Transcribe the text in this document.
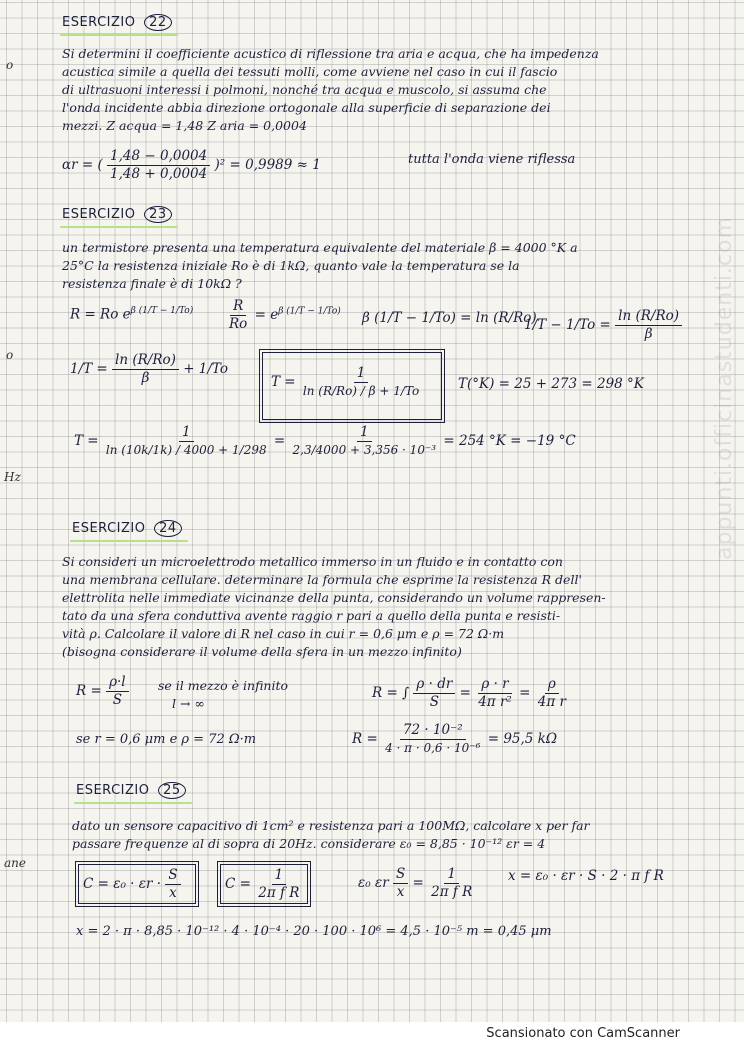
o
o
Hz
ane
ESERCIZIO 22
Si determini il coefficiente acustico di riflessione tra aria e acqua, che ha impedenza
acustica simile a quella dei tessuti molli, come avviene nel caso in cui il fascio
di ultrasuoni interessi i polmoni, nonché tra acqua e muscolo, si assuma che
l'onda incidente abbia direzione ortogonale alla superficie di separazione dei
mezzi. Z acqua = 1,48 Z aria = 0,0004
αr = ( $\frac{1,48 - 0,0004}{1,48 + 0,0004} )^2 = 0,9989 \approx 1$	tutta l'onda viene riflessa
ESERCIZIO 23
un termistore presenta una temperatura equivalente del materiale β = 4000 °K a
25°C la resistenza iniziale Ro è di 1kΩ, quanto vale la temperatura se la
resistenza finale è di 10kΩ ?
R = Ro $e^{\beta (1/T - 1/To)} \frac{R}{Ro} = e^{\beta (1/T - 1/To)}$ β (1/T − 1/To) = ln (R/Ro)
$1/T - 1/To = \frac{\ln (R/Ro)}{\beta}$
$1/T = \frac{\ln (R/Ro)}{\beta} + 1/To$
$T = \frac{1}{\ln (R/Ro) / \beta + 1/To}$	T(°K) = 25 + 273 = 298 °K
$T = \frac{1}{\ln (10k/1k) / 4000 + 1/298} = \frac{1}{\text{2,3/4000 + 3,356 · 10⁻³}} = 254$ °K = −19 °C
ESERCIZIO 24
Si consideri un microelettrodo metallico immerso in un fluido e in contatto con
una membrana cellulare. determinare la formula che esprime la resistenza R dell'
elettrolita nelle immediate vicinanze della punta, considerando un volume rappresen-
tato da una sfera conduttiva avente raggio r pari a quello della punta e resisti-
vità ρ. Calcolare il valore di R nel caso in cui r = 0,6 μm e ρ = 72 Ω·m
(bisogna considerare il volume della sfera in un mezzo infinito)
$R = \frac{\rho\cdot l}{S}$ se il mezzo è infinito
l → ∞
R = ∫ $\frac{\rho \cdot dr}{S} = \frac{\rho \cdot r}{\text{4π r²}} = \frac{\rho}{\text{4π r}}$
se r = 0,6 μm e ρ = 72 Ω·m	$R = \frac{\text{72 · 10⁻²}}{\text{4 · π · 0,6 · 10⁻⁶}} = 95,5$ kΩ
ESERCIZIO 25
dato un sensore capacitivo di 1cm² e resistenza pari a 100MΩ, calcolare x per far
passare frequenze al di sopra di 20Hz. considerare ε₀ = 8,85 · 10⁻¹² εr = 4
$C = \varepsilon_0 \cdot \varepsilon r \cdot \frac{S}{x}$	$C = \frac{1}{\text{2π f R}}$	ε₀ εr $\frac{S}{x} = \frac{1}{\text{2π f R}}$ x = ε₀ · εr · S · 2 · π f R
x = 2 · π · 8,85 · 10⁻¹² · 4 · 10⁻⁴ · 20 · 100 · 10⁶ = 4,5 · 10⁻⁵ m = 0,45 μm
appunti.officinastudenti.com
Scansionato con CamScanner
